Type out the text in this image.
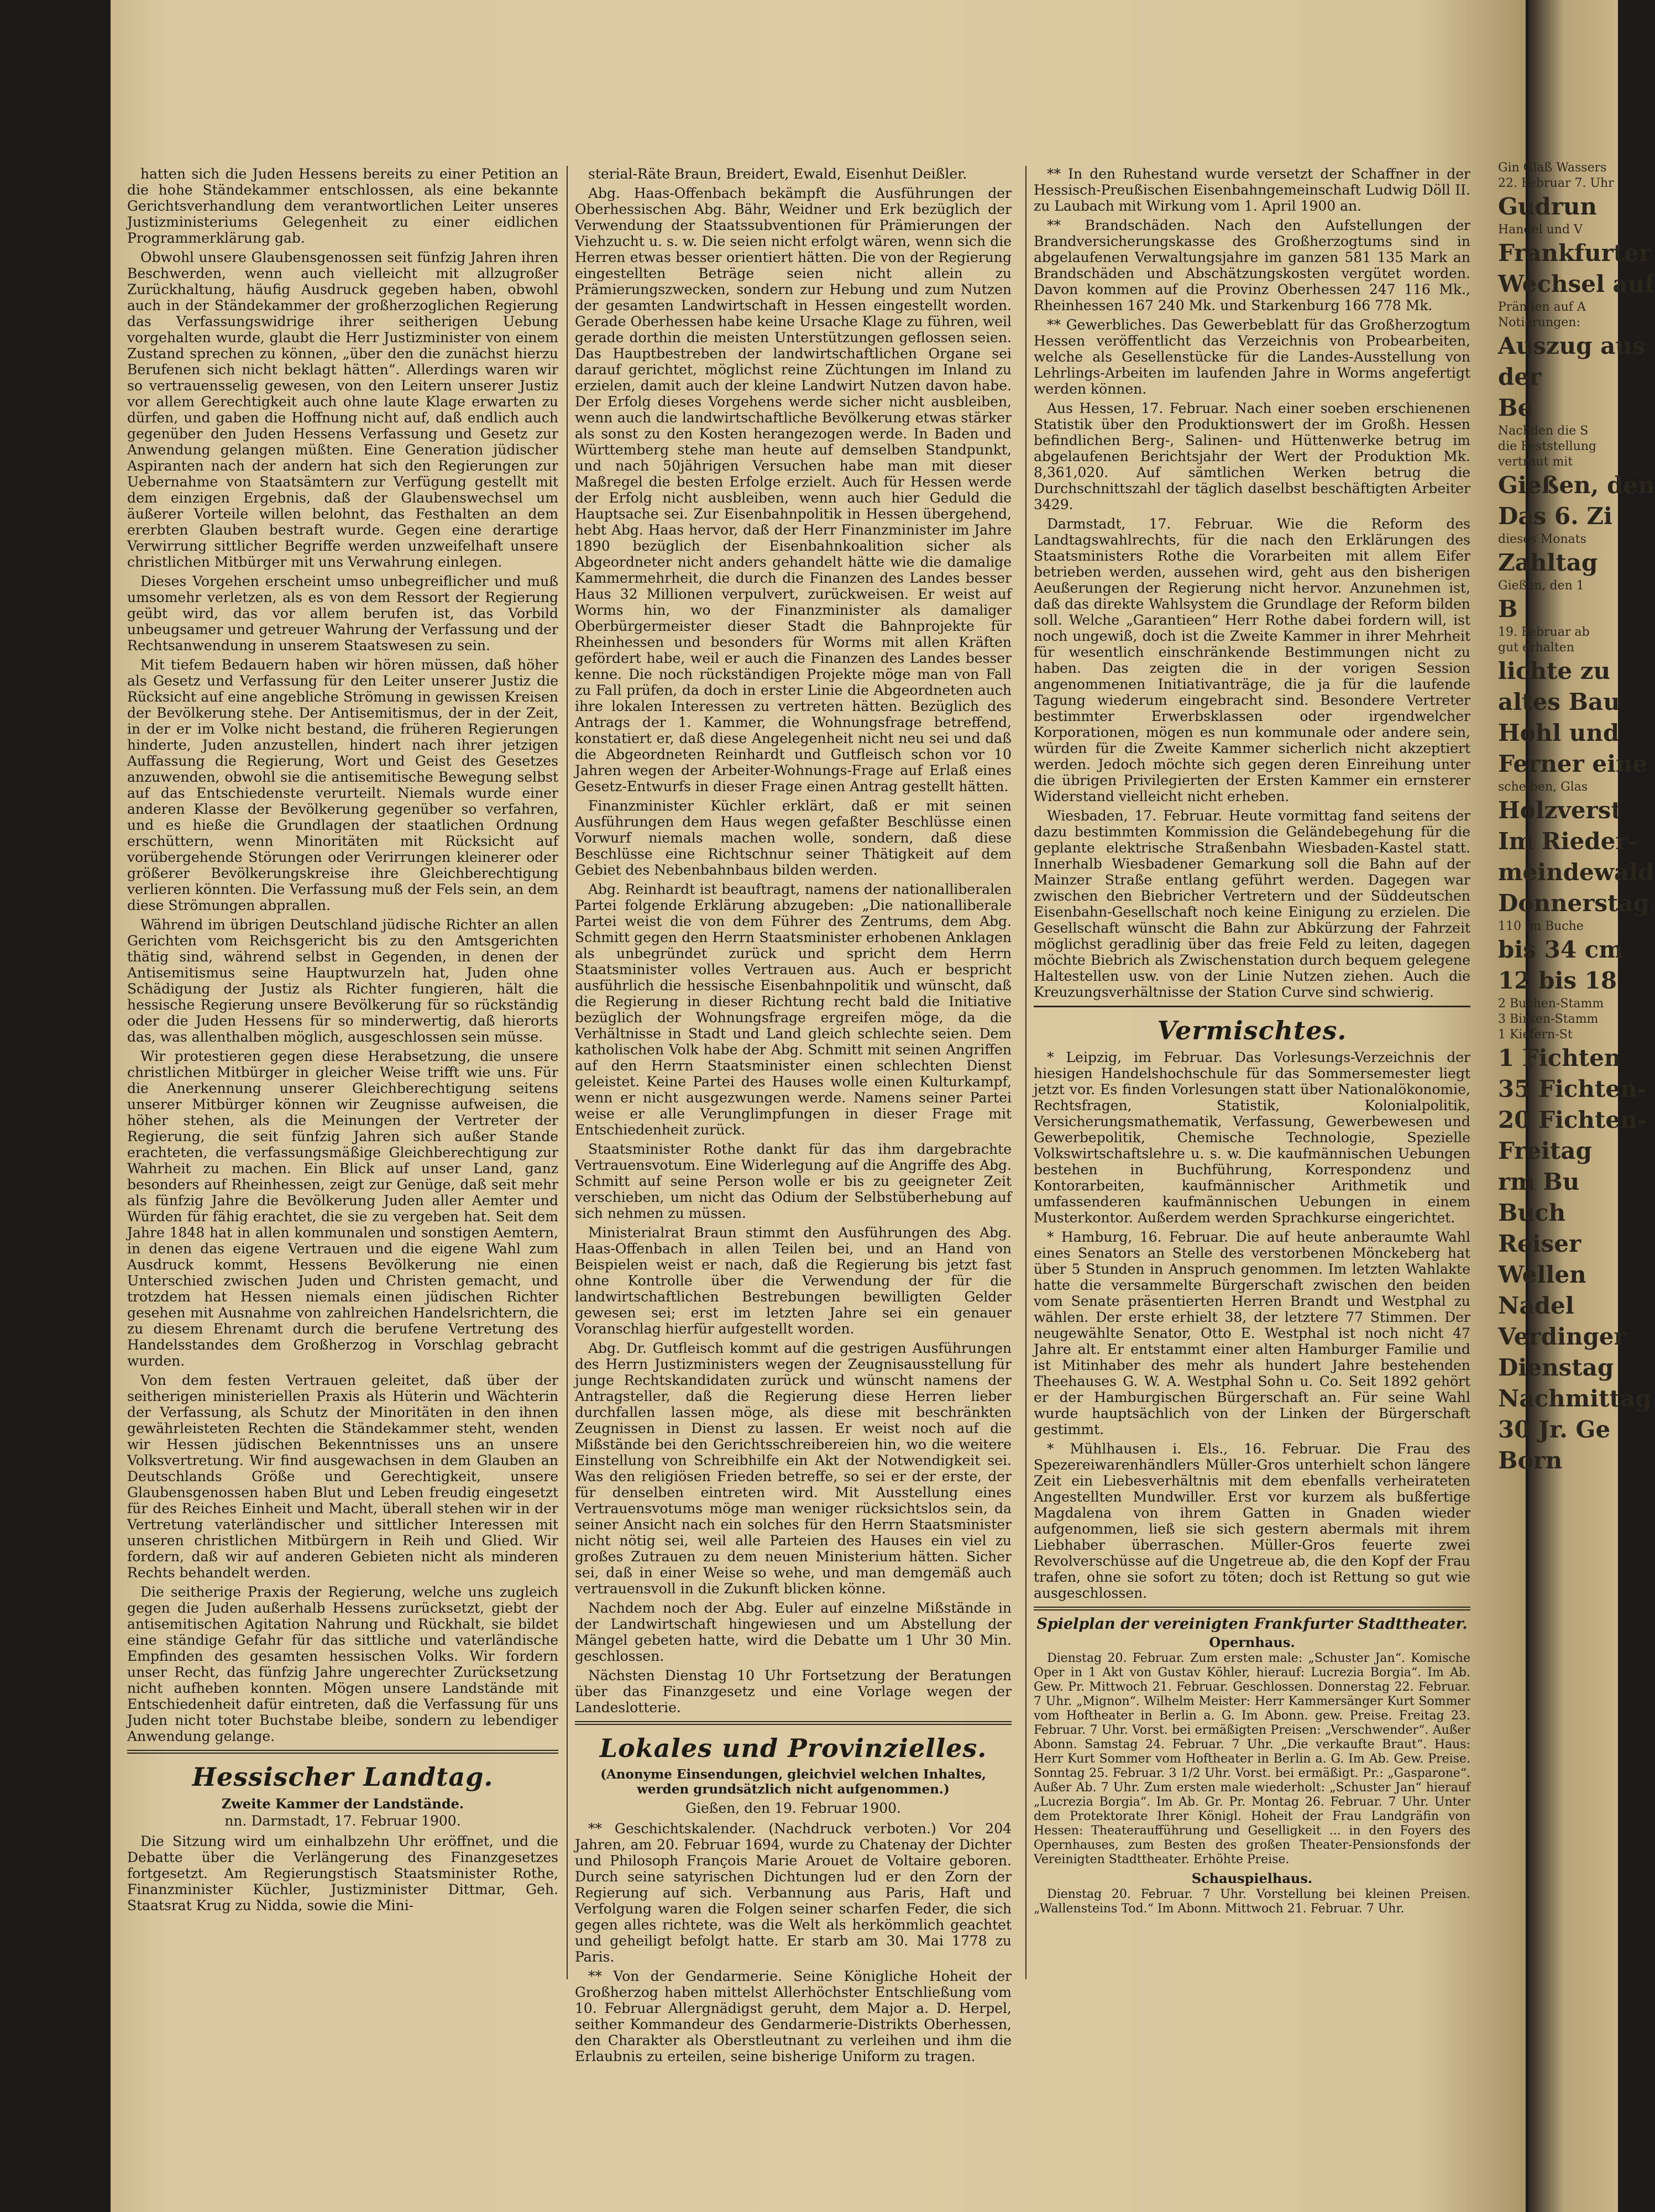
hatten sich die Juden Hessens bereits zu einer Petition an die hohe Ständekammer entschlossen, als eine bekannte Gerichtsverhandlung dem verantwortlichen Leiter unseres Justizministeriums Gelegenheit zu einer eidlichen Programmerklärung gab.

Obwohl unsere Glaubensgenossen seit fünfzig Jahren ihren Beschwerden, wenn auch vielleicht mit allzugroßer Zurückhaltung, häufig Ausdruck gegeben haben, obwohl auch in der Ständekammer der großherzoglichen Regierung das Verfassungswidrige ihrer seitherigen Uebung vorgehalten wurde, glaubt die Herr Justizminister von einem Zustand sprechen zu können, „über den die zunächst hierzu Berufenen sich nicht beklagt hätten“. Allerdings waren wir so vertrauensselig gewesen, von den Leitern unserer Justiz vor allem Gerechtigkeit auch ohne laute Klage erwarten zu dürfen, und gaben die Hoffnung nicht auf, daß endlich auch gegenüber den Juden Hessens Verfassung und Gesetz zur Anwendung gelangen müßten. Eine Generation jüdischer Aspiranten nach der andern hat sich den Regierungen zur Uebernahme von Staatsämtern zur Verfügung gestellt mit dem einzigen Ergebnis, daß der Glaubenswechsel um äußerer Vorteile willen belohnt, das Festhalten an dem ererbten Glauben bestraft wurde. Gegen eine derartige Verwirrung sittlicher Begriffe werden unzweifelhaft unsere christlichen Mitbürger mit uns Verwahrung einlegen.

Dieses Vorgehen erscheint umso unbegreiflicher und muß umsomehr verletzen, als es von dem Ressort der Regierung geübt wird, das vor allem berufen ist, das Vorbild unbeugsamer und getreuer Wahrung der Verfassung und der Rechtsanwendung in unserem Staatswesen zu sein.

Mit tiefem Bedauern haben wir hören müssen, daß höher als Gesetz und Verfassung für den Leiter unserer Justiz die Rücksicht auf eine angebliche Strömung in gewissen Kreisen der Bevölkerung stehe. Der Antisemitismus, der in der Zeit, in der er im Volke nicht bestand, die früheren Regierungen hinderte, Juden anzustellen, hindert nach ihrer jetzigen Auffassung die Regierung, Wort und Geist des Gesetzes anzuwenden, obwohl sie die antisemitische Bewegung selbst auf das Entschiedenste verurteilt. Niemals wurde einer anderen Klasse der Bevölkerung gegenüber so verfahren, und es hieße die Grundlagen der staatlichen Ordnung erschüttern, wenn Minoritäten mit Rücksicht auf vorübergehende Störungen oder Verirrungen kleinerer oder größerer Bevölkerungskreise ihre Gleichberechtigung verlieren könnten. Die Verfassung muß der Fels sein, an dem diese Strömungen abprallen.

Während im übrigen Deutschland jüdische Richter an allen Gerichten vom Reichsgericht bis zu den Amtsgerichten thätig sind, während selbst in Gegenden, in denen der Antisemitismus seine Hauptwurzeln hat, Juden ohne Schädigung der Justiz als Richter fungieren, hält die hessische Regierung unsere Bevölkerung für so rückständig oder die Juden Hessens für so minderwertig, daß hierorts das, was allenthalben möglich, ausgeschlossen sein müsse.

Wir protestieren gegen diese Herabsetzung, die unsere christlichen Mitbürger in gleicher Weise trifft wie uns. Für die Anerkennung unserer Gleichberechtigung seitens unserer Mitbürger können wir Zeugnisse aufweisen, die höher stehen, als die Meinungen der Vertreter der Regierung, die seit fünfzig Jahren sich außer Stande erachteten, die verfassungsmäßige Gleichberechtigung zur Wahrheit zu machen. Ein Blick auf unser Land, ganz besonders auf Rheinhessen, zeigt zur Genüge, daß seit mehr als fünfzig Jahre die Bevölkerung Juden aller Aemter und Würden für fähig erachtet, die sie zu vergeben hat. Seit dem Jahre 1848 hat in allen kommunalen und sonstigen Aemtern, in denen das eigene Vertrauen und die eigene Wahl zum Ausdruck kommt, Hessens Bevölkerung nie einen Unterschied zwischen Juden und Christen gemacht, und trotzdem hat Hessen niemals einen jüdischen Richter gesehen mit Ausnahme von zahlreichen Handelsrichtern, die zu diesem Ehrenamt durch die berufene Vertretung des Handelsstandes dem Großherzog in Vorschlag gebracht wurden.

Von dem festen Vertrauen geleitet, daß über der seitherigen ministeriellen Praxis als Hüterin und Wächterin der Verfassung, als Schutz der Minoritäten in den ihnen gewährleisteten Rechten die Ständekammer steht, wenden wir Hessen jüdischen Bekenntnisses uns an unsere Volksvertretung. Wir find ausgewachsen in dem Glauben an Deutschlands Größe und Gerechtigkeit, unsere Glaubensgenossen haben Blut und Leben freudig eingesetzt für des Reiches Einheit und Macht, überall stehen wir in der Vertretung vaterländischer und sittlicher Interessen mit unseren christlichen Mitbürgern in Reih und Glied. Wir fordern, daß wir auf anderen Gebieten nicht als minderen Rechts behandelt werden.

Die seitherige Praxis der Regierung, welche uns zugleich gegen die Juden außerhalb Hessens zurücksetzt, giebt der antisemitischen Agitation Nahrung und Rückhalt, sie bildet eine ständige Gefahr für das sittliche und vaterländische Empfinden des gesamten hessischen Volks. Wir fordern unser Recht, das fünfzig Jahre ungerechter Zurücksetzung nicht aufheben konnten. Mögen unsere Landstände mit Entschiedenheit dafür eintreten, daß die Verfassung für uns Juden nicht toter Buchstabe bleibe, sondern zu lebendiger Anwendung gelange.

Hessischer Landtag.
Zweite Kammer der Landstände.
nn. Darmstadt, 17. Februar 1900.

Die Sitzung wird um einhalbzehn Uhr eröffnet, und die Debatte über die Verlängerung des Finanzgesetzes fortgesetzt. Am Regierungstisch Staatsminister Rothe, Finanzminister Küchler, Justizminister Dittmar, Geh. Staatsrat Krug zu Nidda, sowie die Mini-

sterial-Räte Braun, Breidert, Ewald, Eisenhut Deißler.

Abg. Haas-Offenbach bekämpft die Ausführungen der Oberhessischen Abg. Bähr, Weidner und Erk bezüglich der Verwendung der Staatssubventionen für Prämierungen der Viehzucht u. s. w. Die seien nicht erfolgt wären, wenn sich die Herren etwas besser orientiert hätten. Die von der Regierung eingestellten Beträge seien nicht allein zu Prämierungszwecken, sondern zur Hebung und zum Nutzen der gesamten Landwirtschaft in Hessen eingestellt worden. Gerade Oberhessen habe keine Ursache Klage zu führen, weil gerade dorthin die meisten Unterstützungen geflossen seien. Das Hauptbestreben der landwirtschaftlichen Organe sei darauf gerichtet, möglichst reine Züchtungen im Inland zu erzielen, damit auch der kleine Landwirt Nutzen davon habe. Der Erfolg dieses Vorgehens werde sicher nicht ausbleiben, wenn auch die landwirtschaftliche Bevölkerung etwas stärker als sonst zu den Kosten herangezogen werde. In Baden und Württemberg stehe man heute auf demselben Standpunkt, und nach 50jährigen Versuchen habe man mit dieser Maßregel die besten Erfolge erzielt. Auch für Hessen werde der Erfolg nicht ausbleiben, wenn auch hier Geduld die Hauptsache sei. Zur Eisenbahnpolitik in Hessen übergehend, hebt Abg. Haas hervor, daß der Herr Finanzminister im Jahre 1890 bezüglich der Eisenbahnkoalition sicher als Abgeordneter nicht anders gehandelt hätte wie die damalige Kammermehrheit, die durch die Finanzen des Landes besser Haus 32 Millionen verpulvert, zurückweisen. Er weist auf Worms hin, wo der Finanzminister als damaliger Oberbürgermeister dieser Stadt die Bahnprojekte für Rheinhessen und besonders für Worms mit allen Kräften gefördert habe, weil er auch die Finanzen des Landes besser kenne. Die noch rückständigen Projekte möge man von Fall zu Fall prüfen, da doch in erster Linie die Abgeordneten auch ihre lokalen Interessen zu vertreten hätten. Bezüglich des Antrags der 1. Kammer, die Wohnungsfrage betreffend, konstatiert er, daß diese Angelegenheit nicht neu sei und daß die Abgeordneten Reinhardt und Gutfleisch schon vor 10 Jahren wegen der Arbeiter-Wohnungs-Frage auf Erlaß eines Gesetz-Entwurfs in dieser Frage einen Antrag gestellt hätten.

Finanzminister Küchler erklärt, daß er mit seinen Ausführungen dem Haus wegen gefaßter Beschlüsse einen Vorwurf niemals machen wolle, sondern, daß diese Beschlüsse eine Richtschnur seiner Thätigkeit auf dem Gebiet des Nebenbahnbaus bilden werden.

Abg. Reinhardt ist beauftragt, namens der nationalliberalen Partei folgende Erklärung abzugeben: „Die nationalliberale Partei weist die von dem Führer des Zentrums, dem Abg. Schmitt gegen den Herrn Staatsminister erhobenen Anklagen als unbegründet zurück und spricht dem Herrn Staatsminister volles Vertrauen aus. Auch er bespricht ausführlich die hessische Eisenbahnpolitik und wünscht, daß die Regierung in dieser Richtung recht bald die Initiative bezüglich der Wohnungsfrage ergreifen möge, da die Verhältnisse in Stadt und Land gleich schlechte seien. Dem katholischen Volk habe der Abg. Schmitt mit seinen Angriffen auf den Herrn Staatsminister einen schlechten Dienst geleistet. Keine Partei des Hauses wolle einen Kulturkampf, wenn er nicht ausgezwungen werde. Namens seiner Partei weise er alle Verunglimpfungen in dieser Frage mit Entschiedenheit zurück.

Staatsminister Rothe dankt für das ihm dargebrachte Vertrauensvotum. Eine Widerlegung auf die Angriffe des Abg. Schmitt auf seine Person wolle er bis zu geeigneter Zeit verschieben, um nicht das Odium der Selbstüberhebung auf sich nehmen zu müssen.

Ministerialrat Braun stimmt den Ausführungen des Abg. Haas-Offenbach in allen Teilen bei, und an Hand von Beispielen weist er nach, daß die Regierung bis jetzt fast ohne Kontrolle über die Verwendung der für die landwirtschaftlichen Bestrebungen bewilligten Gelder gewesen sei; erst im letzten Jahre sei ein genauer Voranschlag hierfür aufgestellt worden.

Abg. Dr. Gutfleisch kommt auf die gestrigen Ausführungen des Herrn Justizministers wegen der Zeugnisausstellung für junge Rechtskandidaten zurück und wünscht namens der Antragsteller, daß die Regierung diese Herren lieber durchfallen lassen möge, als diese mit beschränkten Zeugnissen in Dienst zu lassen. Er weist noch auf die Mißstände bei den Gerichtsschreibereien hin, wo die weitere Einstellung von Schreibhilfe ein Akt der Notwendigkeit sei. Was den religiösen Frieden betreffe, so sei er der erste, der für denselben eintreten wird. Mit Ausstellung eines Vertrauensvotums möge man weniger rücksichtslos sein, da seiner Ansicht nach ein solches für den Herrn Staatsminister nicht nötig sei, weil alle Parteien des Hauses ein viel zu großes Zutrauen zu dem neuen Ministerium hätten. Sicher sei, daß in einer Weise so wehe, und man demgemäß auch vertrauensvoll in die Zukunft blicken könne.

Nachdem noch der Abg. Euler auf einzelne Mißstände in der Landwirtschaft hingewiesen und um Abstellung der Mängel gebeten hatte, wird die Debatte um 1 Uhr 30 Min. geschlossen.

Nächsten Dienstag 10 Uhr Fortsetzung der Beratungen über das Finanzgesetz und eine Vorlage wegen der Landeslotterie.

Lokales und Provinzielles.
(Anonyme Einsendungen, gleichviel welchen Inhaltes, werden grundsätzlich nicht aufgenommen.)
Gießen, den 19. Februar 1900.

** Geschichtskalender. (Nachdruck verboten.) Vor 204 Jahren, am 20. Februar 1694, wurde zu Chatenay der Dichter und Philosoph François Marie Arouet de Voltaire geboren. Durch seine satyrischen Dichtungen lud er den Zorn der Regierung auf sich. Verbannung aus Paris, Haft und Verfolgung waren die Folgen seiner scharfen Feder, die sich gegen alles richtete, was die Welt als herkömmlich geachtet und geheiligt befolgt hatte. Er starb am 30. Mai 1778 zu Paris.

** Von der Gendarmerie. Seine Königliche Hoheit der Großherzog haben mittelst Allerhöchster Entschließung vom 10. Februar Allergnädigst geruht, dem Major a. D. Herpel, seither Kommandeur des Gendarmerie-Distrikts Oberhessen, den Charakter als Oberstleutnant zu verleihen und ihm die Erlaubnis zu erteilen, seine bisherige Uniform zu tragen.

** In den Ruhestand wurde versetzt der Schaffner in der Hessisch-Preußischen Eisenbahngemeinschaft Ludwig Döll II. zu Laubach mit Wirkung vom 1. April 1900 an.

** Brandschäden. Nach den Aufstellungen der Brandversicherungskasse des Großherzogtums sind in abgelaufenen Verwaltungsjahre im ganzen 581 135 Mark an Brandschäden und Abschätzungskosten vergütet worden. Davon kommen auf die Provinz Oberhessen 247 116 Mk., Rheinhessen 167 240 Mk. und Starkenburg 166 778 Mk.

** Gewerbliches. Das Gewerbeblatt für das Großherzogtum Hessen veröffentlicht das Verzeichnis von Probearbeiten, welche als Gesellenstücke für die Landes-Ausstellung von Lehrlings-Arbeiten im laufenden Jahre in Worms angefertigt werden können.

Aus Hessen, 17. Februar. Nach einer soeben erschienenen Statistik über den Produktionswert der im Großh. Hessen befindlichen Berg-, Salinen- und Hüttenwerke betrug im abgelaufenen Berichtsjahr der Wert der Produktion Mk. 8,361,020. Auf sämtlichen Werken betrug die Durchschnittszahl der täglich daselbst beschäftigten Arbeiter 3429.

Darmstadt, 17. Februar. Wie die Reform des Landtagswahlrechts, für die nach den Erklärungen des Staatsministers Rothe die Vorarbeiten mit allem Eifer betrieben werden, aussehen wird, geht aus den bisherigen Aeußerungen der Regierung nicht hervor. Anzunehmen ist, daß das direkte Wahlsystem die Grundlage der Reform bilden soll. Welche „Garantieen“ Herr Rothe dabei fordern will, ist noch ungewiß, doch ist die Zweite Kammer in ihrer Mehrheit für wesentlich einschränkende Bestimmungen nicht zu haben. Das zeigten die in der vorigen Session angenommenen Initiativanträge, die ja für die laufende Tagung wiederum eingebracht sind. Besondere Vertreter bestimmter Erwerbsklassen oder irgendwelcher Korporationen, mögen es nun kommunale oder andere sein, würden für die Zweite Kammer sicherlich nicht akzeptiert werden. Jedoch möchte sich gegen deren Einreihung unter die übrigen Privilegierten der Ersten Kammer ein ernsterer Widerstand vielleicht nicht erheben.

Wiesbaden, 17. Februar. Heute vormittag fand seitens der dazu bestimmten Kommission die Geländebegehung für die geplante elektrische Straßenbahn Wiesbaden-Kastel statt. Innerhalb Wiesbadener Gemarkung soll die Bahn auf der Mainzer Straße entlang geführt werden. Dagegen war zwischen den Biebricher Vertretern und der Süddeutschen Eisenbahn-Gesellschaft noch keine Einigung zu erzielen. Die Gesellschaft wünscht die Bahn zur Abkürzung der Fahrzeit möglichst geradlinig über das freie Feld zu leiten, dagegen möchte Biebrich als Zwischenstation durch bequem gelegene Haltestellen usw. von der Linie Nutzen ziehen. Auch die Kreuzungsverhältnisse der Station Curve sind schwierig.

Vermischtes.

* Leipzig, im Februar. Das Vorlesungs-Verzeichnis der hiesigen Handelshochschule für das Sommersemester liegt jetzt vor. Es finden Vorlesungen statt über Nationalökonomie, Rechtsfragen, Statistik, Kolonialpolitik, Versicherungsmathematik, Verfassung, Gewerbewesen und Gewerbepolitik, Chemische Technologie, Spezielle Volkswirtschaftslehre u. s. w. Die kaufmännischen Uebungen bestehen in Buchführung, Korrespondenz und Kontorarbeiten, kaufmännischer Arithmetik und umfassenderen kaufmännischen Uebungen in einem Musterkontor. Außerdem werden Sprachkurse eingerichtet.

* Hamburg, 16. Februar. Die auf heute anberaumte Wahl eines Senators an Stelle des verstorbenen Mönckeberg hat über 5 Stunden in Anspruch genommen. Im letzten Wahlakte hatte die versammelte Bürgerschaft zwischen den beiden vom Senate präsentierten Herren Brandt und Westphal zu wählen. Der erste erhielt 38, der letztere 77 Stimmen. Der neugewählte Senator, Otto E. Westphal ist noch nicht 47 Jahre alt. Er entstammt einer alten Hamburger Familie und ist Mitinhaber des mehr als hundert Jahre bestehenden Theehauses G. W. A. Westphal Sohn u. Co. Seit 1892 gehört er der Hamburgischen Bürgerschaft an. Für seine Wahl wurde hauptsächlich von der Linken der Bürgerschaft gestimmt.

* Mühlhausen i. Els., 16. Februar. Die Frau des Spezereiwarenhändlers Müller-Gros unterhielt schon längere Zeit ein Liebesverhältnis mit dem ebenfalls verheirateten Angestellten Mundwiller. Erst vor kurzem als bußfertige Magdalena von ihrem Gatten in Gnaden wieder aufgenommen, ließ sie sich gestern abermals mit ihrem Liebhaber überraschen. Müller-Gros feuerte zwei Revolverschüsse auf die Ungetreue ab, die den Kopf der Frau trafen, ohne sie sofort zu töten; doch ist Rettung so gut wie ausgeschlossen.

Spielplan der vereinigten Frankfurter Stadttheater.
Opernhaus.

Dienstag 20. Februar. Zum ersten male: „Schuster Jan“. Komische Oper in 1 Akt von Gustav Köhler, hierauf: Lucrezia Borgia“. Im Ab. Gew. Pr. Mittwoch 21. Februar. Geschlossen. Donnerstag 22. Februar. 7 Uhr. „Mignon“. Wilhelm Meister: Herr Kammersänger Kurt Sommer vom Hoftheater in Berlin a. G. Im Abonn. gew. Preise. Freitag 23. Februar. 7 Uhr. Vorst. bei ermäßigten Preisen: „Verschwender“. Außer Abonn. Samstag 24. Februar. 7 Uhr. „Die verkaufte Braut“. Haus: Herr Kurt Sommer vom Hoftheater in Berlin a. G. Im Ab. Gew. Preise. Sonntag 25. Februar. 3 1/2 Uhr. Vorst. bei ermäßigt. Pr.: „Gasparone“. Außer Ab. 7 Uhr. Zum ersten male wiederholt: „Schuster Jan“ hierauf „Lucrezia Borgia“. Im Ab. Gr. Pr. Montag 26. Februar. 7 Uhr. Unter dem Protektorate Ihrer Königl. Hoheit der Frau Landgräfin von Hessen: Theateraufführung und Geselligkeit ... in den Foyers des Opernhauses, zum Besten des großen Theater-Pensionsfonds der Vereinigten Stadttheater. Erhöhte Preise.

Schauspielhaus.

Dienstag 20. Februar. 7 Uhr. Vorstellung bei kleinen Preisen. „Wallensteins Tod.“ Im Abonn. Mittwoch 21. Februar. 7 Uhr.

Gin Glaß Wassers
22. Februar 7. Uhr
Gudrun
Handel und V
Frankfurter
Wechsel auf
Prämien auf A
Notierungen:
Auszug aus
der
Be
Nachden die S
die Feststellung
vertraut mit
Gießen, den
Das 6. Zi
dieses Monats
Zahltag
Gießen, den 1
B
19. Februar ab
gut erhalten
lichte zu
altes Bau
Hohl und
Ferner eine
scheiben, Glas
Holzverst
Im Rieder-
meindewald
Donnerstag
110 fm Buche
bis 34 cm
12 bis 18
2 Buchen-Stamm
3 Birken-Stamm
1 Kiefern-St
1 Fichten
35 Fichten-
20 Fichten-
Freitag
rm Bu
Buch
Reiser
Wellen
Nadel
Verdinger
Dienstag
Nachmittag
30 Jr. Ge
Born
